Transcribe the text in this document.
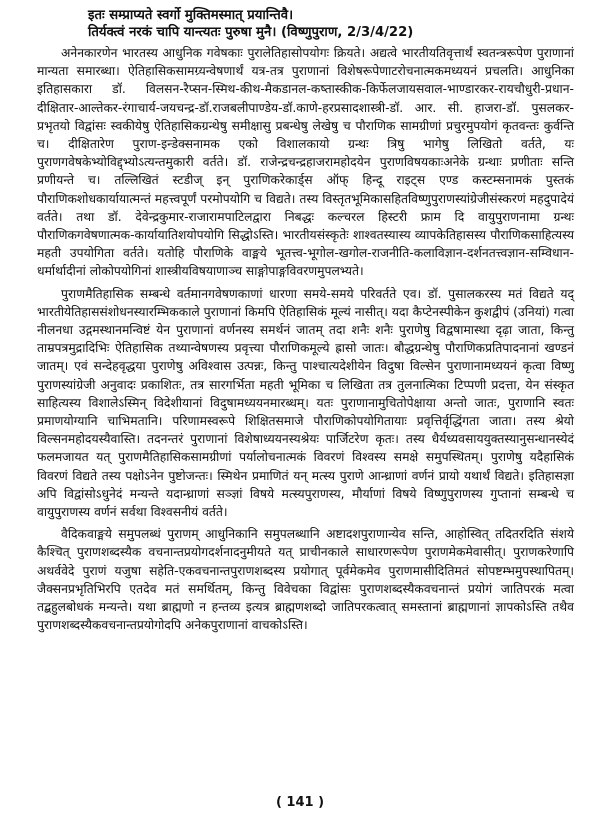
इतः सम्प्राप्यते स्वर्गो मुक्तिमस्मात् प्रयान्तिवै।
तिर्यक्त्वं नरकं चापि यान्त्यतः पुरुषा मुनै। (विष्णुपुराण, 2/3/4/22)

अनेनकारणेन भारतस्य आधुनिक गवेषकाः पुरालेतिहासोपयोगः क्रियते। अद्यत्वे भारतीयतिवृत्तार्थं स्वतन्त्ररूपेण पुराणानां मान्यता समारब्धा। ऐतिहासिकसामग्र्यन्वेषणार्थं यत्र-तत्र पुराणानां विशेषरूपेणाटरोचनात्मकमध्ययनं प्रचलति। आधुनिका इतिहासकारा डॉ. विलसन-रैप्सन-स्मिथ-कीथ-मैकडानल-कष्तास्कीक-किर्फेलजायसवाल-भाण्डारकर-रायचौधुरी-प्रधान-दीक्षितार-आल्तेकर-रंगाचार्य-जयचन्द्र-डॉ.राजबलीपाण्डेय-डॉ.काणे-हरप्रसादशास्त्री-डॉ. आर. सी. हाजरा-डॉ. पुसलकर-प्रभृतयो विद्वांसः स्वकीयेषु ऐतिहासिकग्रन्थेषु समीक्षासु प्रबन्धेषु लेखेषु च पौराणिक सामग्रीणां प्रचुरमुपयोगं कृतवन्तः कुर्वन्ति च। दीक्षितारेण पुराण-इन्डेक्सनामक एको विशालकायो ग्रन्थः त्रिषु भागेषु लिखितो वर्तते, यः पुराणगवेषकेभ्योविद्द्भ्योऽत्यन्तमुकारी वर्तते। डॉ. राजेन्द्रचन्द्रहाजरामहोदयेन पुराणविषयकाःअनेके ग्रन्थाः प्रणीताः सन्ति प्रणीयन्ते च। तल्लिखितं स्टडीज् इन् पुराणिकरेकार्ड्स ऑफ् हिन्दू राइट्स एण्ड कस्टम्सनामकं पुस्तकं पौराणिकशोधकार्यायात्मन्तं महत्त्वपूर्णं परमोपयोगि च विद्यते। तस्य विस्तृतभूमिकासहितविष्णुपुराणस्यांग्रेजीसंस्करणं महदुपादेयं वर्तते। तथा डॉ. देवेन्द्रकुमार-राजारामपाटिलद्वारा निबद्धः कल्चरल हिस्टरी फ्राम दि वायुपुराणनामा ग्रन्थः पौराणिकगवेषणात्मक-कार्यायातिशयोपयोगि सिद्धोऽस्ति। भारतीयसंस्कृतेः शाश्वतस्यास्य व्यापकेतिहासस्य पौराणिकसाहित्यस्य महती उपयोगिता वर्तते। यतोहि पौराणिके वाङ्मये भूतत्त्व-भूगोल-खगोल-राजनीति-कलाविज्ञान-दर्शनतत्त्वज्ञान-सम्विधान-धर्मार्थादीनां लोकोपयोगिनां शास्त्रीयविषयाणाञ्च साङ्गोपाङ्गविवरणमुपलभ्यते।

पुराणमैतिहासिक सम्बन्धे वर्तमानगवेषणकाणां धारणा समये-समये परिवर्तते एव। डॉ. पुसालकरस्य मतं विद्यते यद् भारतीयेतिहाससंशोधनस्यारम्भिककाले पुराणानां किमपि ऐतिहासिकं मूल्यं नासीत्। यदा कैप्टेनस्पीकेन कुशद्वीपं (उनियां) गत्वा नीलनधा उद्गमस्थानमन्विष्टं येन पुराणानां वर्णनस्य समर्थनं जातम् तदा शनैः शनैः पुराणेषु विद्वषामास्था दृढ़ा जाता, किन्तु ताम्रपत्रमुद्रादिभिः ऐतिहासिक तथ्यान्वेषणस्य प्रवृत्त्या पौराणिकमूल्ये ह्रासो जातः। बौद्धग्रन्थेषु पौराणिकप्रतिपादनानां खण्डनं जातम्। एवं सन्देहवृद्धया पुराणेषु अविश्वास उत्पन्नः, किन्तु पाश्चात्यदेशीयेन विदुषा विल्सेन पुराणानामध्ययनं कृत्वा विष्णु पुराणस्यांग्रेजी अनुवादः प्रकाशितः, तत्र सारगर्भिता महती भूमिका च लिखिता तत्र तुलनात्मिका टिप्पणी प्रदत्ता, येन संस्कृत साहित्यस्य विशालेऽस्मिन् विदेशीयानां विदुषामध्ययनमारब्धम्। यतः पुराणानामुचितोपेक्षाया अन्तो जातः, पुराणानि स्वतः प्रमाणयोग्यानि चाभिमतानि। परिणामस्वरूपे शिक्षितसमाजे पौराणिकोपयोगितायाः प्रवृत्तिर्वृद्धिंगता जाता। तस्य श्रेयो विल्सनमहोदयस्यैवास्ति। तदनन्तरं पुराणानां विशेषाध्ययनस्यश्रेयः पार्जिटरेण कृतः। तस्य धैर्यध्यवसाययुक्तस्यानुसन्धानस्येदं फलमजायत यत् पुराणमैतिहासिकसामग्रीणां पर्यालोचनात्मकं विवरणं विश्वस्य समक्षे समुपस्थितम्। पुराणेषु यदैहासिकं विवरणं विद्यते तस्य पक्षोऽनेन पुष्टोजन्तः। स्मिथेन प्रमाणितं यन् मत्स्य पुराणे आन्ध्राणां वर्णनं प्रायो यथार्थं विद्यते। इतिहासज्ञा अपि विद्वांसोऽधुनेदं मन्यन्ते यदान्ध्राणां सञ्ज्ञां विषये मत्स्यपुराणस्य, मौर्याणां विषये विष्णुपुराणस्य गुप्तानां सम्बन्धे च वायुपुराणस्य वर्णनं सर्वथा विश्वसनीयं वर्तते।

वैदिकवाङ्मये समुपलब्धं पुराणम् आधुनिकानि समुपलब्धानि अष्टादशपुराणान्येव सन्ति, आहोस्वित् तदितरदिति संशये कैश्चित् पुराणशब्दस्यैक वचनान्तप्रयोगदर्शनादनुमीयते यत् प्राचीनकाले साधारणरूपेण पुराणमेकमेवासीत्। पुराणकरेणापि अथर्ववेदे पुराणं यजुषा सहेति-एकवचनान्तपुराणशब्दस्य प्रयोगात् पूर्वमेकमेव पुराणमासीदितिमतं सोपष्टम्भमुपस्थापितम्। जैक्सनप्रभृतिभिरपि एतदेव मतं समर्थितम्, किन्तु विवेचका विद्वांसः पुराणशब्दस्यैकवचनान्तं प्रयोगं जातिपरकं मत्वा तद्बहुलबोधकं मन्यन्ते। यथा ब्राह्मणो न हन्तव्य इत्यत्र ब्राह्मणशब्दो जातिपरकत्वात् समस्तानां ब्राह्मणानां ज्ञापकोऽस्ति तथैव पुराणशब्दस्यैकवचनान्तप्रयोगोदपि अनेकपुराणानां वाचकोऽस्ति।

( 141 )
